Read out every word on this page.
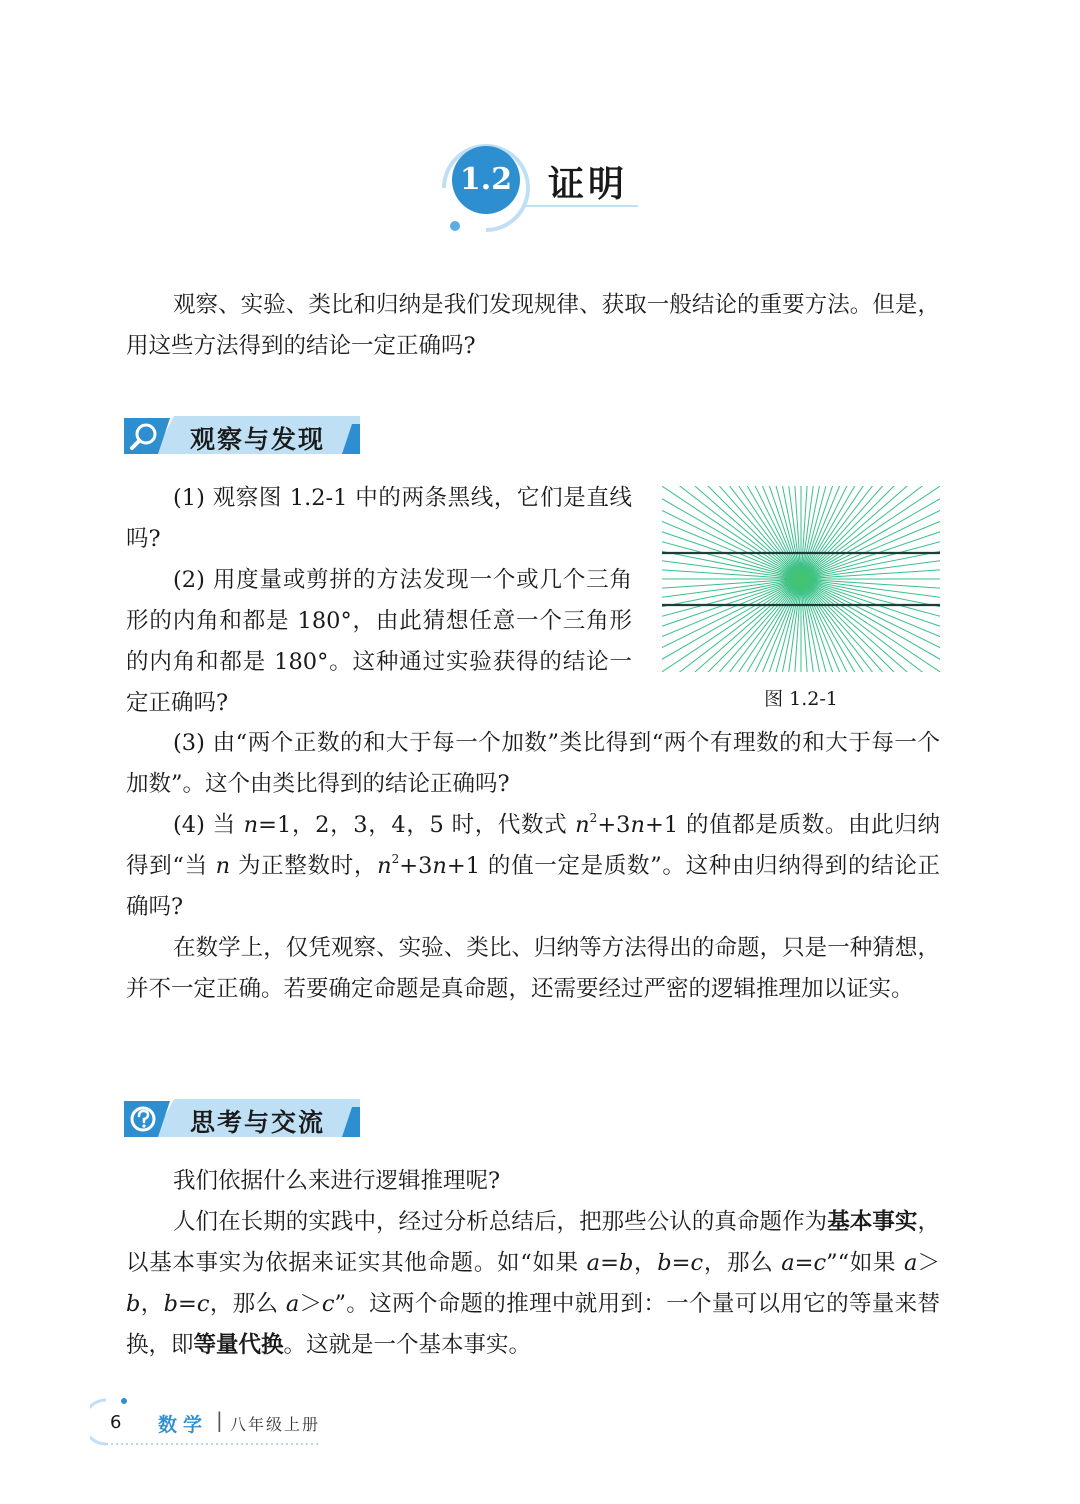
1.2 证明

观察、实验、类比和归纳是我们发现规律、获取一般结论的重要方法。但是，用这些方法得到的结论一定正确吗?

观察与发现

(1) 观察图 1.2-1 中的两条黑线，它们是直线吗?

(2) 用度量或剪拼的方法发现一个或几个三角形的内角和都是 180°，由此猜想任意一个三角形的内角和都是 180°。这种通过实验获得的结论一定正确吗?	图 1.2-1

(3) 由“两个正数的和大于每一个加数”类比得到“两个有理数的和大于每一个加数”。这个由类比得到的结论正确吗?

(4) 当 n=1，2，3，4，5 时，代数式 $n^2+3n+1$ 的值都是质数。由此归纳得到“当 n 为正整数时，$n^2+3n+1$ 的值一定是质数”。这种由归纳得到的结论正确吗?

在数学上，仅凭观察、实验、类比、归纳等方法得出的命题，只是一种猜想，并不一定正确。若要确定命题是真命题，还需要经过严密的逻辑推理加以证实。

思考与交流

我们依据什么来进行逻辑推理呢?

人们在长期的实践中，经过分析总结后，把那些公认的真命题作为基本事实，以基本事实为依据来证实其他命题。如“如果 a=b，b=c，那么 a=c”“如果 a＞b，b=c，那么 a＞c”。这两个命题的推理中就用到：一个量可以用它的等量来替换，即等量代换。这就是一个基本事实。

6 数学 | 八年级上册
